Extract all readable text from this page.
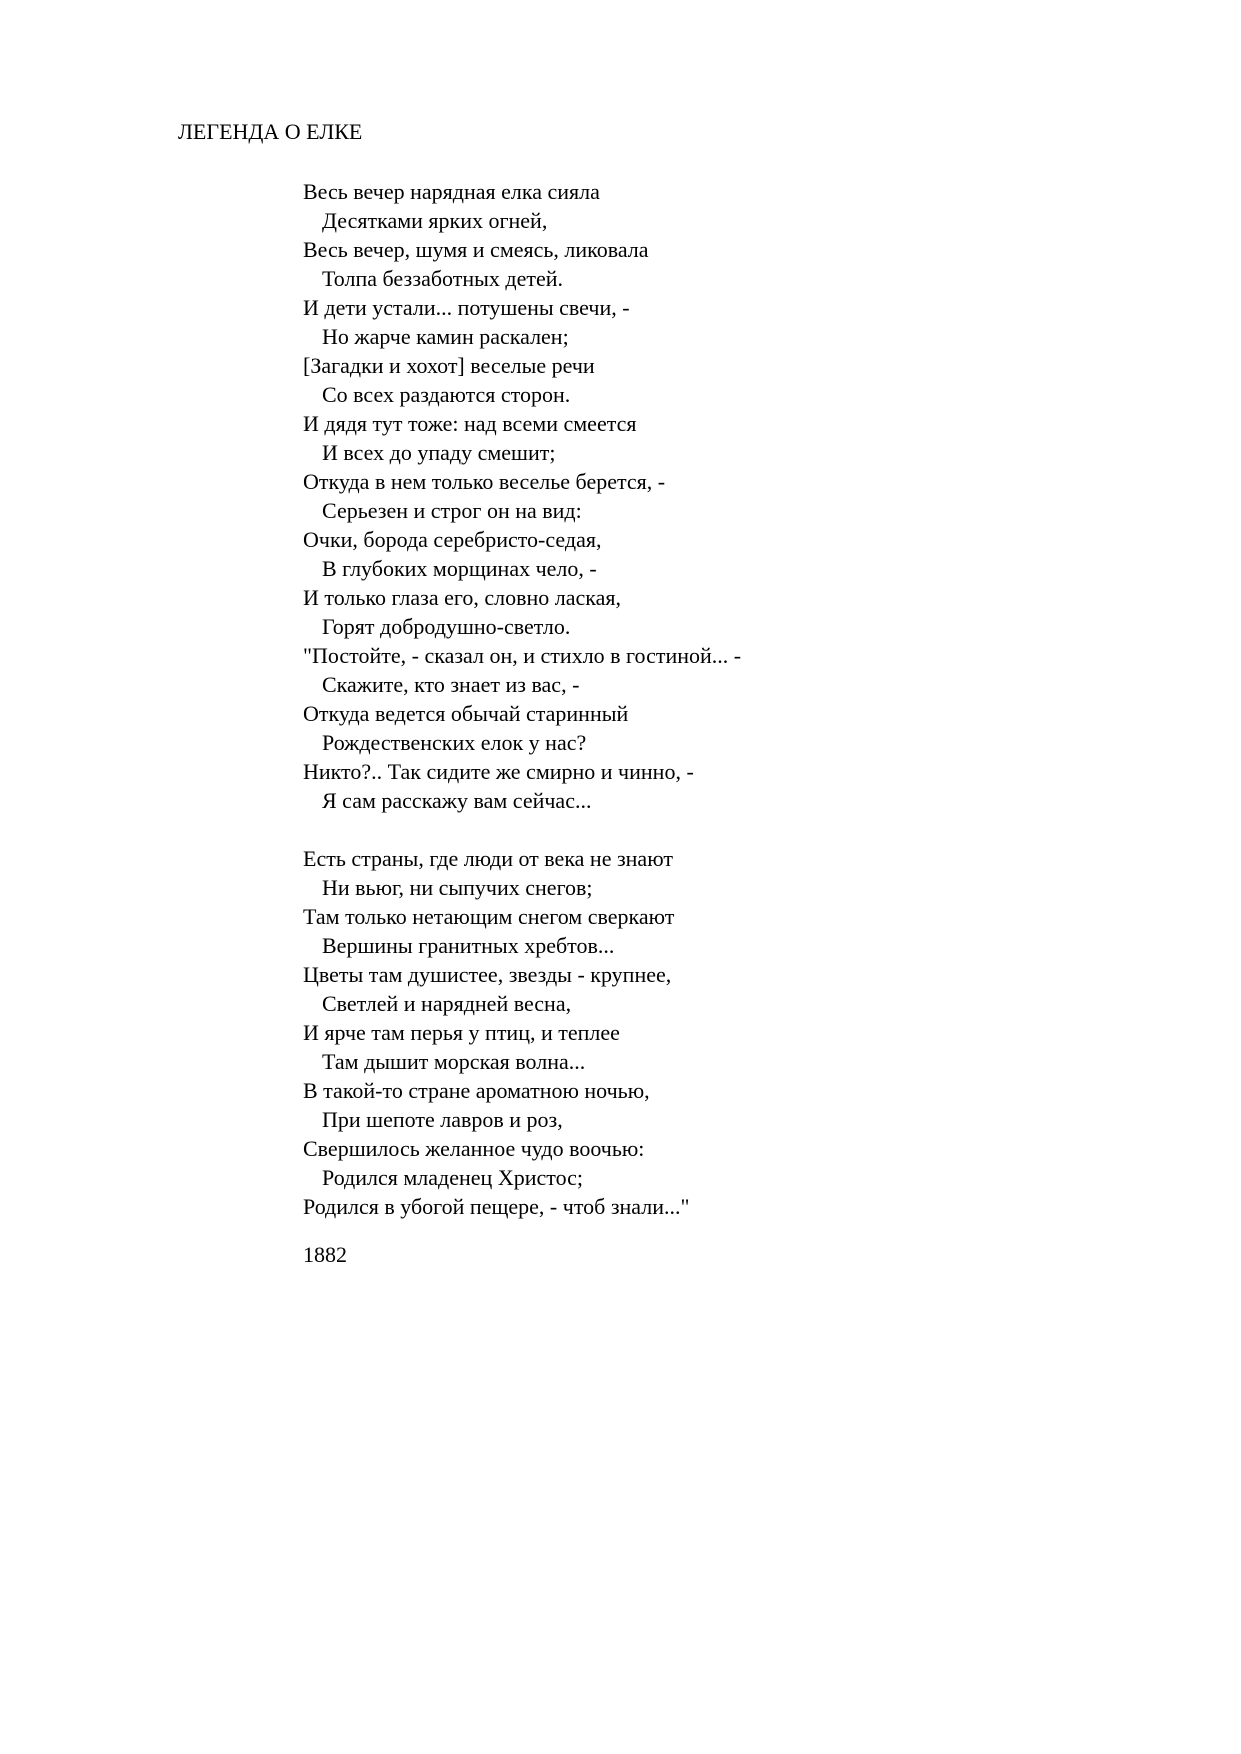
ЛЕГЕНДА О ЕЛКЕ
Весь вечер нарядная елка сияла
Десятками ярких огней,
Весь вечер, шумя и смеясь, ликовала
Толпа беззаботных детей.
И дети устали... потушены свечи, -
Но жарче камин раскален;
[Загадки и хохот] веселые речи
Со всех раздаются сторон.
И дядя тут тоже: над всеми смеется
И всех до упаду смешит;
Откуда в нем только веселье берется, -
Серьезен и строг он на вид:
Очки, борода серебристо-седая,
В глубоких морщинах чело, -
И только глаза его, словно лаская,
Горят добродушно-светло.
"Постойте, - сказал он, и стихло в гостиной... -
Скажите, кто знает из вас, -
Откуда ведется обычай старинный
Рождественских елок у нас?
Никто?.. Так сидите же смирно и чинно, -
Я сам расскажу вам сейчас...
Есть страны, где люди от века не знают
Ни вьюг, ни сыпучих снегов;
Там только нетающим снегом сверкают
Вершины гранитных хребтов...
Цветы там душистее, звезды - крупнее,
Светлей и нарядней весна,
И ярче там перья у птиц, и теплее
Там дышит морская волна...
В такой-то стране ароматною ночью,
При шепоте лавров и роз,
Свершилось желанное чудо воочью:
Родился младенец Христос;
Родился в убогой пещере, - чтоб знали..."
1882
